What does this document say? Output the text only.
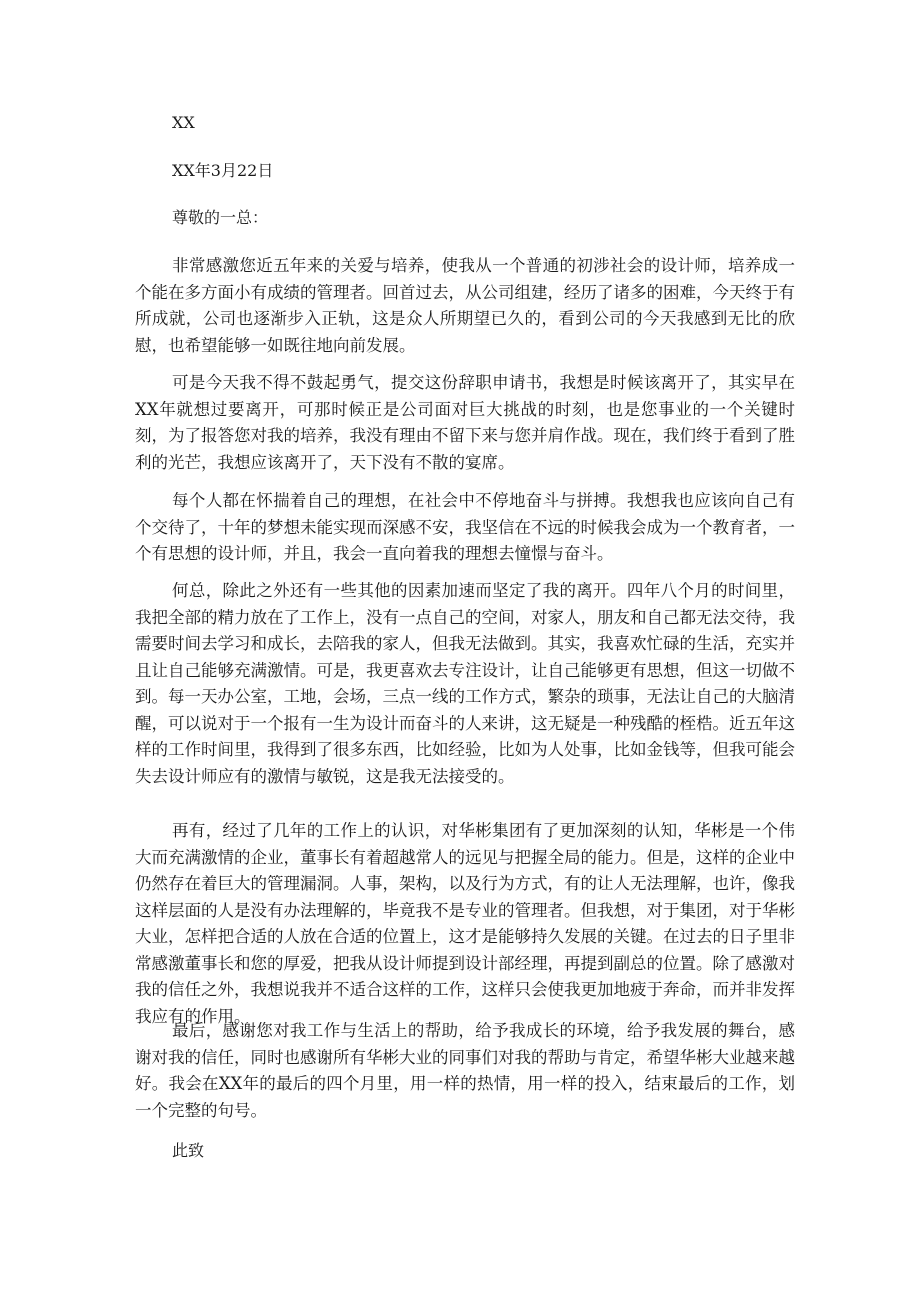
XX
XX年3月22日
尊敬的一总：

非常感激您近五年来的关爱与培养，使我从一个普通的初涉社会的设计师，培养成一个能在多方面小有成绩的管理者。回首过去，从公司组建，经历了诸多的困难，今天终于有所成就，公司也逐渐步入正轨，这是众人所期望已久的，看到公司的今天我感到无比的欣慰，也希望能够一如既往地向前发展。

可是今天我不得不鼓起勇气，提交这份辞职申请书，我想是时候该离开了，其实早在XX年就想过要离开，可那时候正是公司面对巨大挑战的时刻，也是您事业的一个关键时刻，为了报答您对我的培养，我没有理由不留下来与您并肩作战。现在，我们终于看到了胜利的光芒，我想应该离开了，天下没有不散的宴席。

每个人都在怀揣着自己的理想，在社会中不停地奋斗与拼搏。我想我也应该向自己有个交待了，十年的梦想未能实现而深感不安，我坚信在不远的时候我会成为一个教育者，一个有思想的设计师，并且，我会一直向着我的理想去憧憬与奋斗。

何总，除此之外还有一些其他的因素加速而坚定了我的离开。四年八个月的时间里，我把全部的精力放在了工作上，没有一点自己的空间，对家人，朋友和自己都无法交待，我需要时间去学习和成长，去陪我的家人，但我无法做到。其实，我喜欢忙碌的生活，充实并且让自己能够充满激情。可是，我更喜欢去专注设计，让自己能够更有思想，但这一切做不到。每一天办公室，工地，会场，三点一线的工作方式，繁杂的琐事，无法让自己的大脑清醒，可以说对于一个报有一生为设计而奋斗的人来讲，这无疑是一种残酷的桎梏。近五年这样的工作时间里，我得到了很多东西，比如经验，比如为人处事，比如金钱等，但我可能会失去设计师应有的激情与敏锐，这是我无法接受的。

再有，经过了几年的工作上的认识，对华彬集团有了更加深刻的认知，华彬是一个伟大而充满激情的企业，董事长有着超越常人的远见与把握全局的能力。但是，这样的企业中仍然存在着巨大的管理漏洞。人事，架构，以及行为方式，有的让人无法理解，也许，像我这样层面的人是没有办法理解的，毕竟我不是专业的管理者。但我想，对于集团，对于华彬大业，怎样把合适的人放在合适的位置上，这才是能够持久发展的关键。在过去的日子里非常感激董事长和您的厚爱，把我从设计师提到设计部经理，再提到副总的位置。除了感激对我的信任之外，我想说我并不适合这样的工作，这样只会使我更加地疲于奔命，而并非发挥我应有的作用。

最后，感谢您对我工作与生活上的帮助，给予我成长的环境，给予我发展的舞台，感谢对我的信任，同时也感谢所有华彬大业的同事们对我的帮助与肯定，希望华彬大业越来越好。我会在XX年的最后的四个月里，用一样的热情，用一样的投入，结束最后的工作，划一个完整的句号。

此致
